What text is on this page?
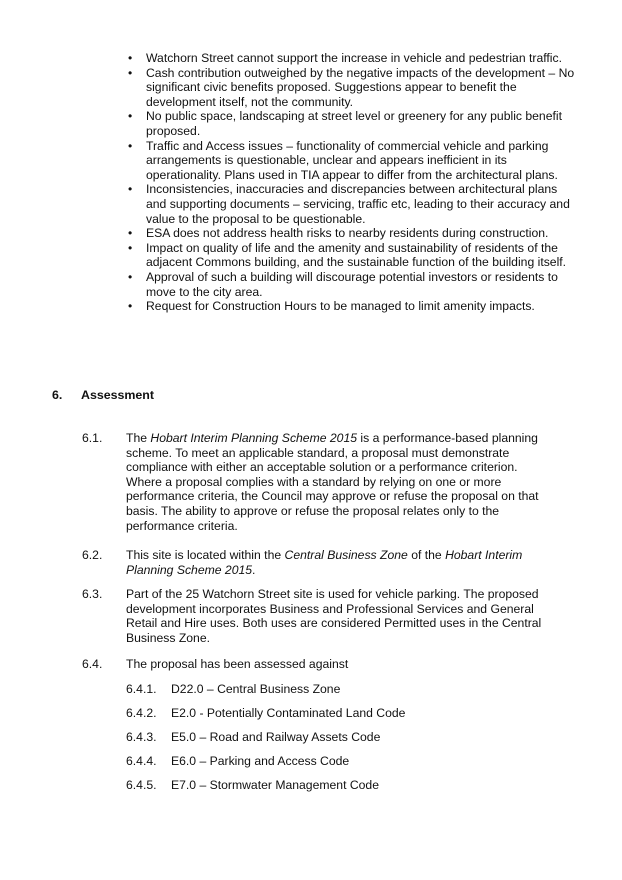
• Watchorn Street cannot support the increase in vehicle and pedestrian traffic.
• Cash contribution outweighed by the negative impacts of the development – No significant civic benefits proposed. Suggestions appear to benefit the development itself, not the community.
• No public space, landscaping at street level or greenery for any public benefit proposed.
• Traffic and Access issues – functionality of commercial vehicle and parking arrangements is questionable, unclear and appears inefficient in its operationality. Plans used in TIA appear to differ from the architectural plans.
• Inconsistencies, inaccuracies and discrepancies between architectural plans and supporting documents – servicing, traffic etc, leading to their accuracy and value to the proposal to be questionable.
• ESA does not address health risks to nearby residents during construction.
• Impact on quality of life and the amenity and sustainability of residents of the adjacent Commons building, and the sustainable function of the building itself.
• Approval of such a building will discourage potential investors or residents to move to the city area.
• Request for Construction Hours to be managed to limit amenity impacts.
6. Assessment
6.1. The Hobart Interim Planning Scheme 2015 is a performance-based planning scheme. To meet an applicable standard, a proposal must demonstrate compliance with either an acceptable solution or a performance criterion. Where a proposal complies with a standard by relying on one or more performance criteria, the Council may approve or refuse the proposal on that basis. The ability to approve or refuse the proposal relates only to the performance criteria.
6.2. This site is located within the Central Business Zone of the Hobart Interim Planning Scheme 2015.
6.3. Part of the 25 Watchorn Street site is used for vehicle parking. The proposed development incorporates Business and Professional Services and General Retail and Hire uses. Both uses are considered Permitted uses in the Central Business Zone.
6.4. The proposal has been assessed against
6.4.1. D22.0 – Central Business Zone
6.4.2. E2.0 - Potentially Contaminated Land Code
6.4.3. E5.0 – Road and Railway Assets Code
6.4.4. E6.0 – Parking and Access Code
6.4.5. E7.0 – Stormwater Management Code
